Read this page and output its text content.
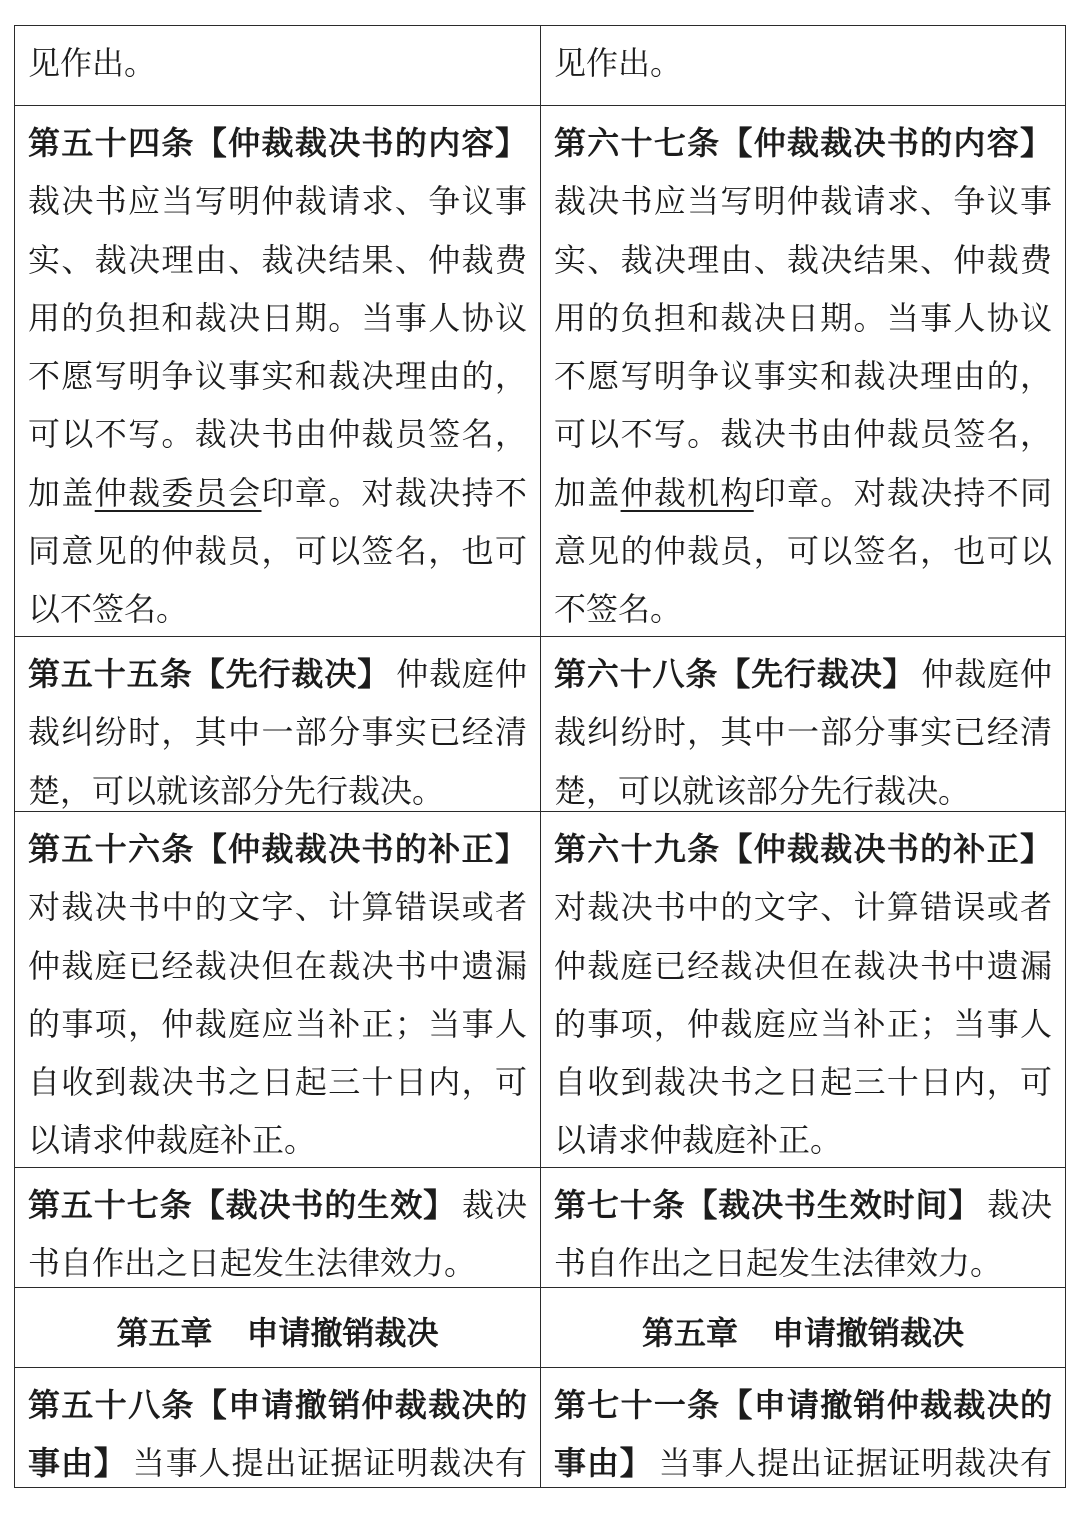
见作出。	见作出。
第五十四条【仲裁裁决书的内容】
裁决书应当写明仲裁请求、争议事
实、裁决理由、裁决结果、仲裁费
用的负担和裁决日期。当事人协议
不愿写明争议事实和裁决理由的，
可以不写。裁决书由仲裁员签名，
加盖仲裁委员会印章。对裁决持不
同意见的仲裁员，可以签名，也可
以不签名。
第六十七条【仲裁裁决书的内容】
裁决书应当写明仲裁请求、争议事
实、裁决理由、裁决结果、仲裁费
用的负担和裁决日期。当事人协议
不愿写明争议事实和裁决理由的，
可以不写。裁决书由仲裁员签名，
加盖仲裁机构印章。对裁决持不同
意见的仲裁员，可以签名，也可以
不签名。
第五十五条【先行裁决】 仲裁庭仲
裁纠纷时，其中一部分事实已经清
楚，可以就该部分先行裁决。
第六十八条【先行裁决】 仲裁庭仲
裁纠纷时，其中一部分事实已经清
楚，可以就该部分先行裁决。
第五十六条【仲裁裁决书的补正】
对裁决书中的文字、计算错误或者
仲裁庭已经裁决但在裁决书中遗漏
的事项，仲裁庭应当补正；当事人
自收到裁决书之日起三十日内，可
以请求仲裁庭补正。
第六十九条【仲裁裁决书的补正】
对裁决书中的文字、计算错误或者
仲裁庭已经裁决但在裁决书中遗漏
的事项，仲裁庭应当补正；当事人
自收到裁决书之日起三十日内，可
以请求仲裁庭补正。
第五十七条【裁决书的生效】 裁决
书自作出之日起发生法律效力。
第七十条【裁决书生效时间】 裁决
书自作出之日起发生法律效力。
第五章 申请撤销裁决	第五章 申请撤销裁决
第五十八条【申请撤销仲裁裁决的
事由】 当事人提出证据证明裁决有
第七十一条【申请撤销仲裁裁决的
事由】 当事人提出证据证明裁决有
